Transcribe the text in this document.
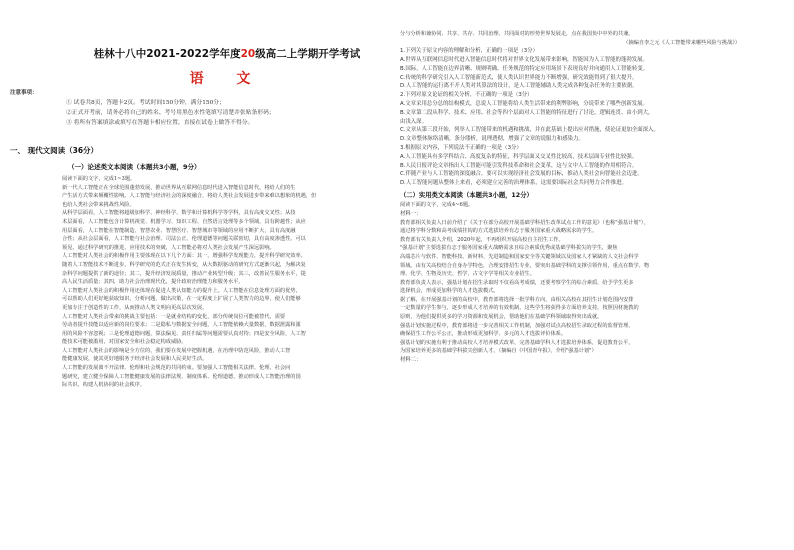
桂林十八中2021-2022学年度20级高二上学期开学考试
语 文
注意事项：
① 试卷共8页，答题卡2页。考试时间150分钟，满分150分；
②正式开考前，请务必将自己的姓名、考号用黑色水性笔填写清楚并张贴条形码；
③ 将所有答案填涂或填写在答题卡相应位置，直接在试卷上做答不得分。
一、 现代文阅读（36分）
（一）论述类文本阅读（本题共3小题，9分）

阅读下面的文字，完成1~3题。

新一代人工智能正在全球范围蓬勃发展，推动世界从互联网信息时代进入智能信息时代，将给人们的生

产生活方式带来颠覆性影响。人工智能与经济社会的深度融合，将给人类社会发展进步带来难以想象的机遇，但

也给人类社会带来挑战性风险。

从科学层面看，人工智能将超级加科学、神经科学、数学和计算机科学等学科，具有高度交叉性；从技

术层面看，人工智能包含计算机视觉、机器学习、知识工程、自然语言处理等多个领域，具有跨越性；从应

用层面看，人工智能在智能制造、智慧农业、智慧医疗、智慧城市等领域的应用不断扩大，具有高度融

合性；从社会层面看，人工智能与社会治理、司法公正、伦理道德等问题关联密切，具有高度渗透性。可以

预见，通过科学研究的推进、应用技术的突破，人工智能必将对人类社会发展产生深远影响。

人工智能对人类社会的积极作用主要体现在以下几个方面：其一，增强科学发现能力，提升科学研究效率。

随着人工智能技术不断进步，科学研究的范式正在发生转变，从大数据驱动的研究方式逐渐兴起，为解决复

杂科学问题提供了新的途径；其二，提升经济发展质量，推动产业转型升级；其三，改善民生服务水平，提

高人民生活质量；其四，助力社会治理现代化，提升政府治理能力和服务水平。

人工智能对人类社会的积极作用还体现在促进人类认知能力的提升上。人工智能在信息处理方面的优势，

可以帮助人们更好地获取知识、分析问题、做出决策，在一定程度上扩展了人类智力的边界，使人们能够

更加专注于创造性的工作，从而推动人类文明向更高层次发展。

人工智能对人类社会带来的挑战主要包括：一是就业结构的变化，部分传统岗位可能被替代，需要

劳动者提升技能以适应新的岗位要求；二是隐私与数据安全问题，人工智能依赖大量数据，数据泄露和滥

用的风险不容忽视；三是伦理道德问题，算法偏见、责任归属等问题需要认真对待；四是安全风险，人工智

能技术可能被滥用，对国家安全和社会稳定构成威胁。

人工智能对人类社会的影响是全方位的，我们要在发展中把握机遇，在治理中防范风险，推动人工智

能健康发展，使其更好地服务于经济社会发展和人民美好生活。

人工智能的发展离不开法律、伦理和社会规范的共同约束。要加强人工智能相关法律、伦理、社会问

题研究，建立健全保障人工智能健康发展的法律法规、制度体系、伦理道德，推动形成人工智能治理的国

际共识，构建人机协同的社会秩序。

分与分析和兼协同、共享、共存、共同治理、共同面对的形势世界发展走，点在我国负中中外的共兼。
（摘编自李之元《人工智能带来哪些风险与挑战》）
1.下列关于原文内容的理解和分析，正确的一项是（3分）
A.世界从互联网信息时代进入智能信息时代将对世界文化发展带来影响，智能因为人工智能的蓬勃发展。
B.国际，人工智能在边界清晰、规则明确、任务规范的特定应用场景下表现良好并向通用人工智能转变。
C.传统的科学研究引入人工智能新范式，使人类认识世界能力不断增强，研究效能得到了很大提升。
D.人工智能的运行离不开人类对其算法的设计，是人工智能辅助人类完成各种复杂任务的主要依据。
2.下列对原文论证的相关分析，不正确的一项是（3分）
A.文章采用总分总的结构模式，总说人工智能将给人类生活带来的利弊影响，分说带来了哪些创新发展。
B.文章第二段从科学、技术、应用、社会等四个层面对人工智能的特征进行了讨论，逻辑连贯、由小到大，
由浅入深。
C.文章从第三段开始，列举人工智能带来的机遇和挑战，并在此基础上提出应对措施，使论证更加全面深入。
D.文章整体脉络清晰，条分缕析，说理透彻，增强了文章的说服力和感染力。
3.根据原文内容，下列说法不正确的一项是（3分）
A.人工智能具有多学科结合、高度复杂的特征，科学层面又交叉性比较高，技术层面专业性比较强。
B.人民日报评论文章指出人工智能可能引发科技革命和社会变革，这与文中人工智能的作用相符合。
C.伴随产业与人工智能的深度融合，要可以实现经济社会发展的目标，推动人类社会向智能社会迈进。
D.人工智能问题从整体上来看，必须建立完善的治理体系，这需要国际社会共同努力合作推进。
（二）实用类文本阅读（本题共3小题，12分）
阅读下面的文字，完成4~6题。
材料一：
教育部相关负责人日前介绍了《关于在部分高校开展基础学科招生改革试点工作的意见》（也称"强基计划"），
通过将学科分数和高考成绩挂钩的方式选拔培养有志于服务国家重大战略需求的学生。
教育部有关负责人介绍，2020年起，不再组织开展高校自主招生工作。
"强基计划"主要选拔有志于服务国家重大战略需求且综合素质优秀或基础学科拔尖的学生，聚焦
高端芯片与软件、智能科技、新材料、先进制造和国家安全等关键领域以及国家人才紧缺的人文社会科学
领域。由有关高校结合自身办学特色，合理安排招生专业，要突出基础学科的支撑引领作用，重点在数学、物
理、化学、生物及历史、哲学、古文字学等相关专业招生。
教育部负责人表示，强基计划在招生录取时不仅看高考成绩，还要考察学生的综合素质，给予学生更多
选择机会，形成更加科学的人才选拔模式。
据了解，在开展强基计划的高校中，教育部将选择一批学科方向，由相关高校在其招生计划范围内安排
一定数量的学生参与，逐步形成人才培养的有效机制。这些学生将获得多方面培养支持，按照因材施教的
原则，为他们提供更多的学习资源和发展机会，帮助他们在基础学科领域取得突出成就。
强基计划实施过程中，教育部将进一步完善相关工作机制，加强对试点高校招生录取过程的监督管理，
确保招生工作公平公正，推动形成更加科学、多元的人才选拔评价体系。
强基计划的实施有利于推动高校人才培养模式改革，完善基础学科人才选拔培养体系，促进教育公平，
为国家培养更多的基础学科拔尖创新人才。（摘编自《中国青年报》，介绍"强基计划"）
材料二：
